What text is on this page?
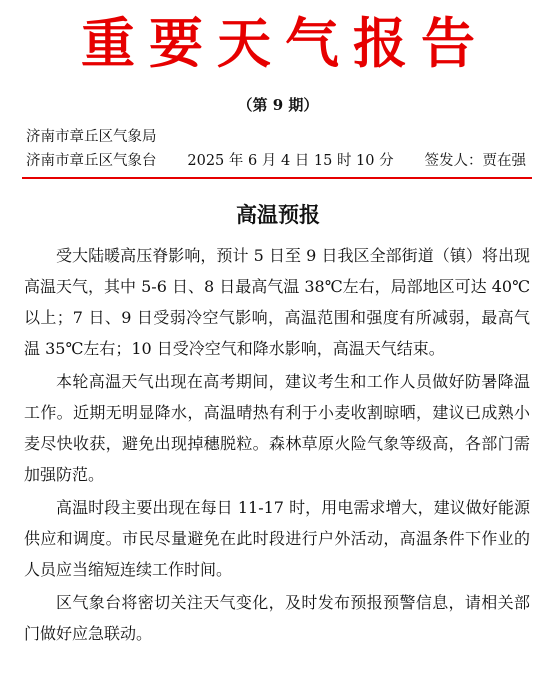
重要天气报告
（第 9 期）
济南市章丘区气象局
济南市章丘区气象台 2025 年 6 月 4 日 15 时 10 分 签发人： 贾在强
高温预报

受大陆暖高压脊影响，预计 5 日至 9 日我区全部街道（镇）将出现高温天气，其中 5-6 日、8 日最高气温 38℃左右，局部地区可达 40℃以上；7 日、9 日受弱冷空气影响，高温范围和强度有所减弱，最高气温 35℃左右；10 日受冷空气和降水影响，高温天气结束。

本轮高温天气出现在高考期间，建议考生和工作人员做好防暑降温工作。近期无明显降水，高温晴热有利于小麦收割晾晒，建议已成熟小麦尽快收获，避免出现掉穗脱粒。森林草原火险气象等级高，各部门需加强防范。

高温时段主要出现在每日 11-17 时，用电需求增大，建议做好能源供应和调度。市民尽量避免在此时段进行户外活动，高温条件下作业的人员应当缩短连续工作时间。

区气象台将密切关注天气变化，及时发布预报预警信息，请相关部门做好应急联动。
